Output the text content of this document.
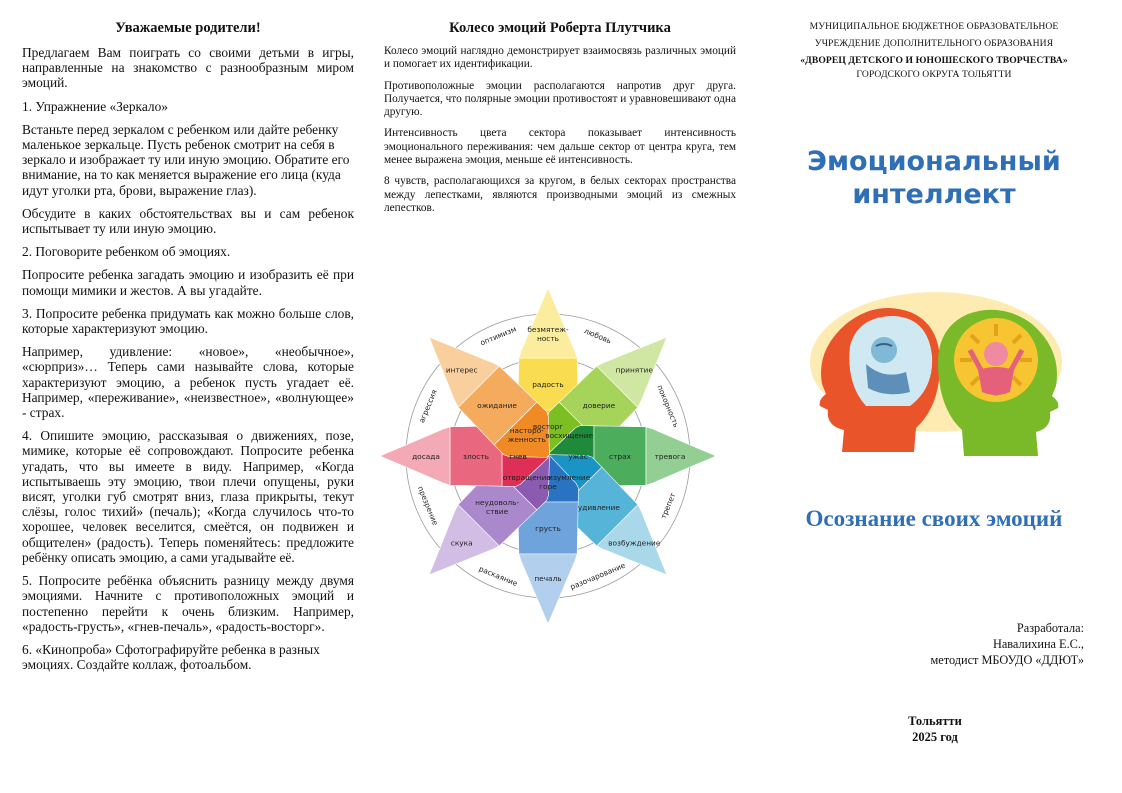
Уважаемые родители!

Предлагаем Вам поиграть со своими детьми в игры, направленные на знакомство с разнообразным миром эмоций.

1. Упражнение «Зеркало»

Встаньте перед зеркалом с ребенком или дайте ребенку маленькое зеркальце. Пусть ребенок смотрит на себя в зеркало и изображает ту или иную эмоцию. Обратите его внимание, на то как меняется выражение его лица (куда идут уголки рта, брови, выражение глаз).

Обсудите в каких обстоятельствах вы и сам ребенок испытывает ту или иную эмоцию.

2. Поговорите ребенком об эмоциях.

Попросите ребенка загадать эмоцию и изобразить её при помощи мимики и жестов. А вы угадайте.

3. Попросите ребенка придумать как можно больше слов, которые характеризуют эмоцию.

Например, удивление: «новое», «необычное», «сюрприз»… Теперь сами называйте слова, которые характеризуют эмоцию, а ребенок пусть угадает её. Например, «переживание», «неизвестное», «волнующее» - страх.

4. Опишите эмоцию, рассказывая о движениях, позе, мимике, которые её сопровождают. Попросите ребенка угадать, что вы имеете в виду. Например, «Когда испытываешь эту эмоцию, твои плечи опущены, руки висят, уголки губ смотрят вниз, глаза прикрыты, текут слёзы, голос тихий» (печаль); «Когда случилось что-то хорошее, человек веселится, смеётся, он подвижен и общителен» (радость). Теперь поменяйтесь: предложите ребёнку описать эмоцию, а сами угадывайте её.

5. Попросите ребёнка объяснить разницу между двумя эмоциями. Начните с противоположных эмоций и постепенно перейти к очень близким. Например, «радость-грусть», «гнев-печаль», «радость-восторг».

6. «Кинопроба» Сфотографируйте ребенка в разных эмоциях. Создайте коллаж, фотоальбом.

Колесо эмоций Роберта Плутчика

Колесо эмоций наглядно демонстрирует взаимосвязь различных эмоций и помогает их идентификации.

Противоположные эмоции располагаются напротив друг друга. Получается, что полярные эмоции противостоят и уравновешивают одна другую.

Интенсивность цвета сектора показывает интенсивность эмоционального переживания: чем дальше сектор от центра круга, тем менее выражена эмоция, меньше её интенсивность.

8 чувств, располагающихся за кругом, в белых секторах пространства между лепестками, являются производными эмоций из смежных лепестков.

восторг
радость
безмятеж-ность
восхищение
доверие
принятие
ужас	страх	тревога
изумление
удивление
возбуждение
горе
грусть
печаль
отвращение
неудоволь-ствие
скука
гнев
злость
досада
насторо-женность
ожидание
интерес
любовь
покорность
трепет
разочарование
раскаяние
презрение
агрессия
оптимизм
МУНИЦИПАЛЬНОЕ БЮДЖЕТНОЕ ОБРАЗОВАТЕЛЬНОЕ
УЧРЕЖДЕНИЕ ДОПОЛНИТЕЛЬНОГО ОБРАЗОВАНИЯ
«ДВОРЕЦ ДЕТСКОГО И ЮНОШЕСКОГО ТВОРЧЕСТВА»
ГОРОДСКОГО ОКРУГА ТОЛЬЯТТИ
Эмоциональный интеллект
Осознание своих эмоций
Разработала:
Навалихина Е.С.,
методист МБОУДО «ДДЮТ»
Тольятти
2025 год
